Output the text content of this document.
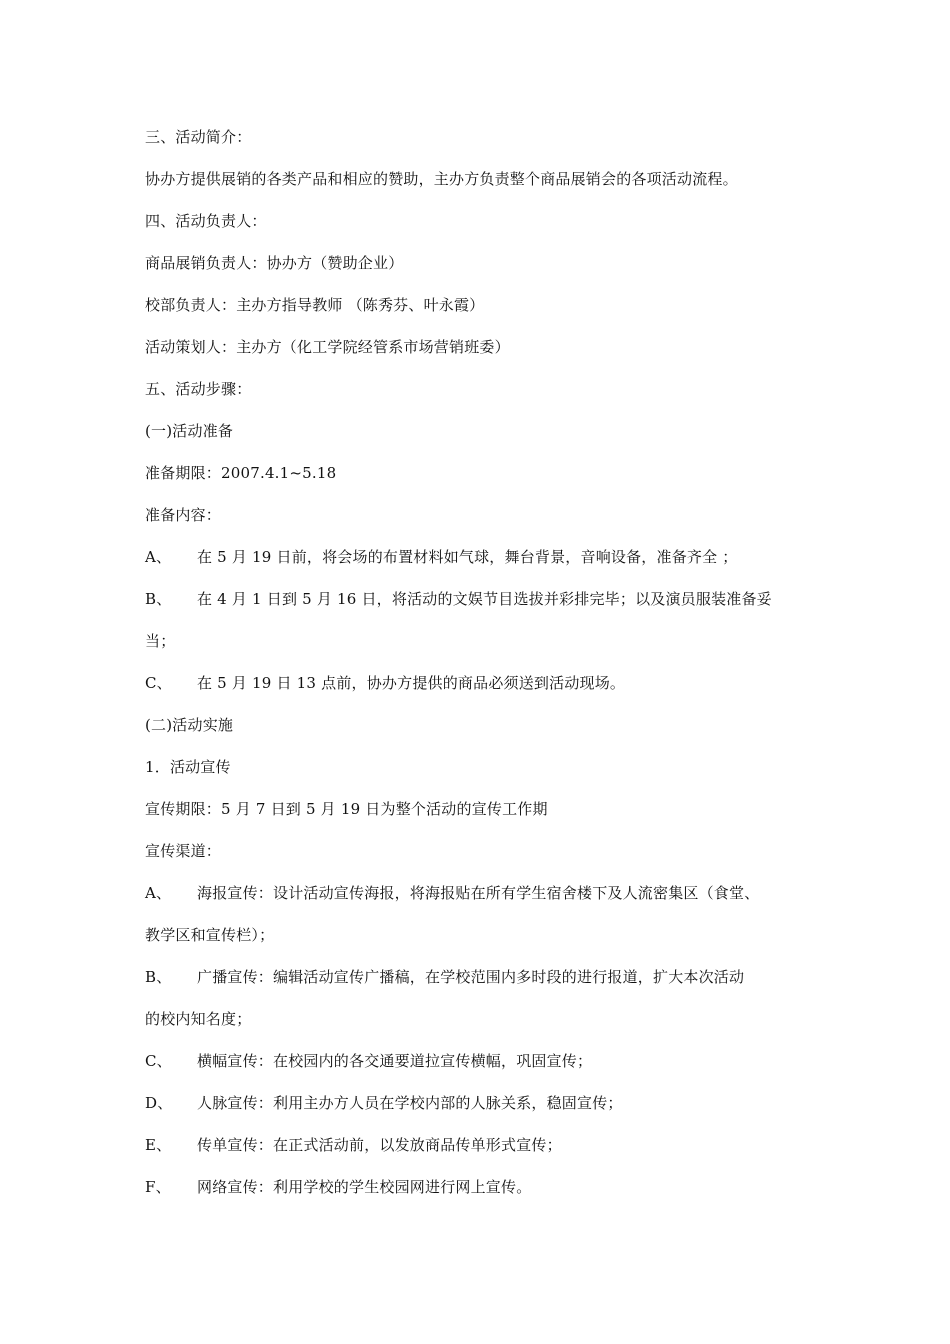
三、活动简介：
协办方提供展销的各类产品和相应的赞助，主办方负责整个商品展销会的各项活动流程。
四、活动负责人：
商品展销负责人：协办方（赞助企业）
校部负责人：主办方指导教师 （陈秀芬、叶永霞）
活动策划人：主办方（化工学院经管系市场营销班委）
五、活动步骤：
(一)活动准备
准备期限：2007.4.1~5.18
准备内容：
A、	在 5 月 19 日前，将会场的布置材料如气球，舞台背景，音响设备，准备齐全 ；
B、	在 4 月 1 日到 5 月 16 日，将活动的文娱节目选拔并彩排完毕；以及演员服装准备妥
当；
C、	在 5 月 19 日 13 点前，协办方提供的商品必须送到活动现场。
(二)活动实施
1．活动宣传
宣传期限：5 月 7 日到 5 月 19 日为整个活动的宣传工作期
宣传渠道：
A、	海报宣传：设计活动宣传海报，将海报贴在所有学生宿舍楼下及人流密集区（食堂、
教学区和宣传栏）；
B、	广播宣传：编辑活动宣传广播稿，在学校范围内多时段的进行报道，扩大本次活动
的校内知名度；
C、	横幅宣传：在校园内的各交通要道拉宣传横幅，巩固宣传；
D、	人脉宣传：利用主办方人员在学校内部的人脉关系，稳固宣传；
E、	传单宣传：在正式活动前，以发放商品传单形式宣传；
F、	网络宣传：利用学校的学生校园网进行网上宣传。
